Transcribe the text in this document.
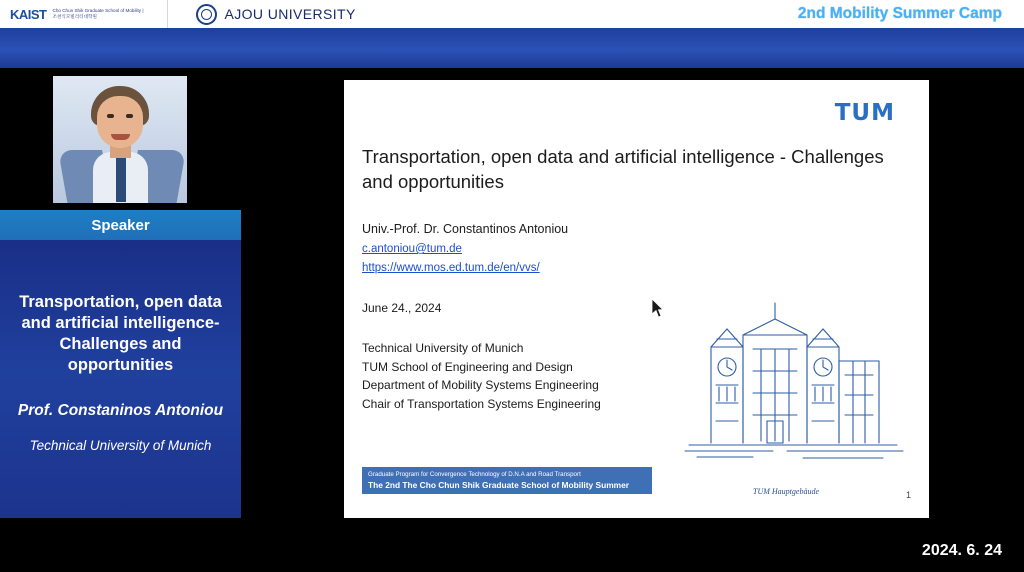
KAIST Cho Chun Shik Graduate School of Mobility | 조천식모빌리티대학원	AJOU UNIVERSITY	2nd Mobility Summer Camp
Speaker
Transportation, open data and artificial intelligence- Challenges and opportunities
Prof. Constaninos Antoniou
Technical University of Munich
TUM
Transportation, open data and artificial intelligence - Challenges and opportunities
Univ.-Prof. Dr. Constantinos Antoniou
c.antoniou@tum.de
https://www.mos.ed.tum.de/en/vvs/
June 24., 2024
Technical University of Munich
TUM School of Engineering and Design
Department of Mobility Systems Engineering
Chair of Transportation Systems Engineering
TUM Hauptgebäude
Graduate Program for Convergence Technology of D.N.A and Road Transport
The 2nd The Cho Chun Shik Graduate School of Mobility Summer Camp	1
2024. 6. 24
